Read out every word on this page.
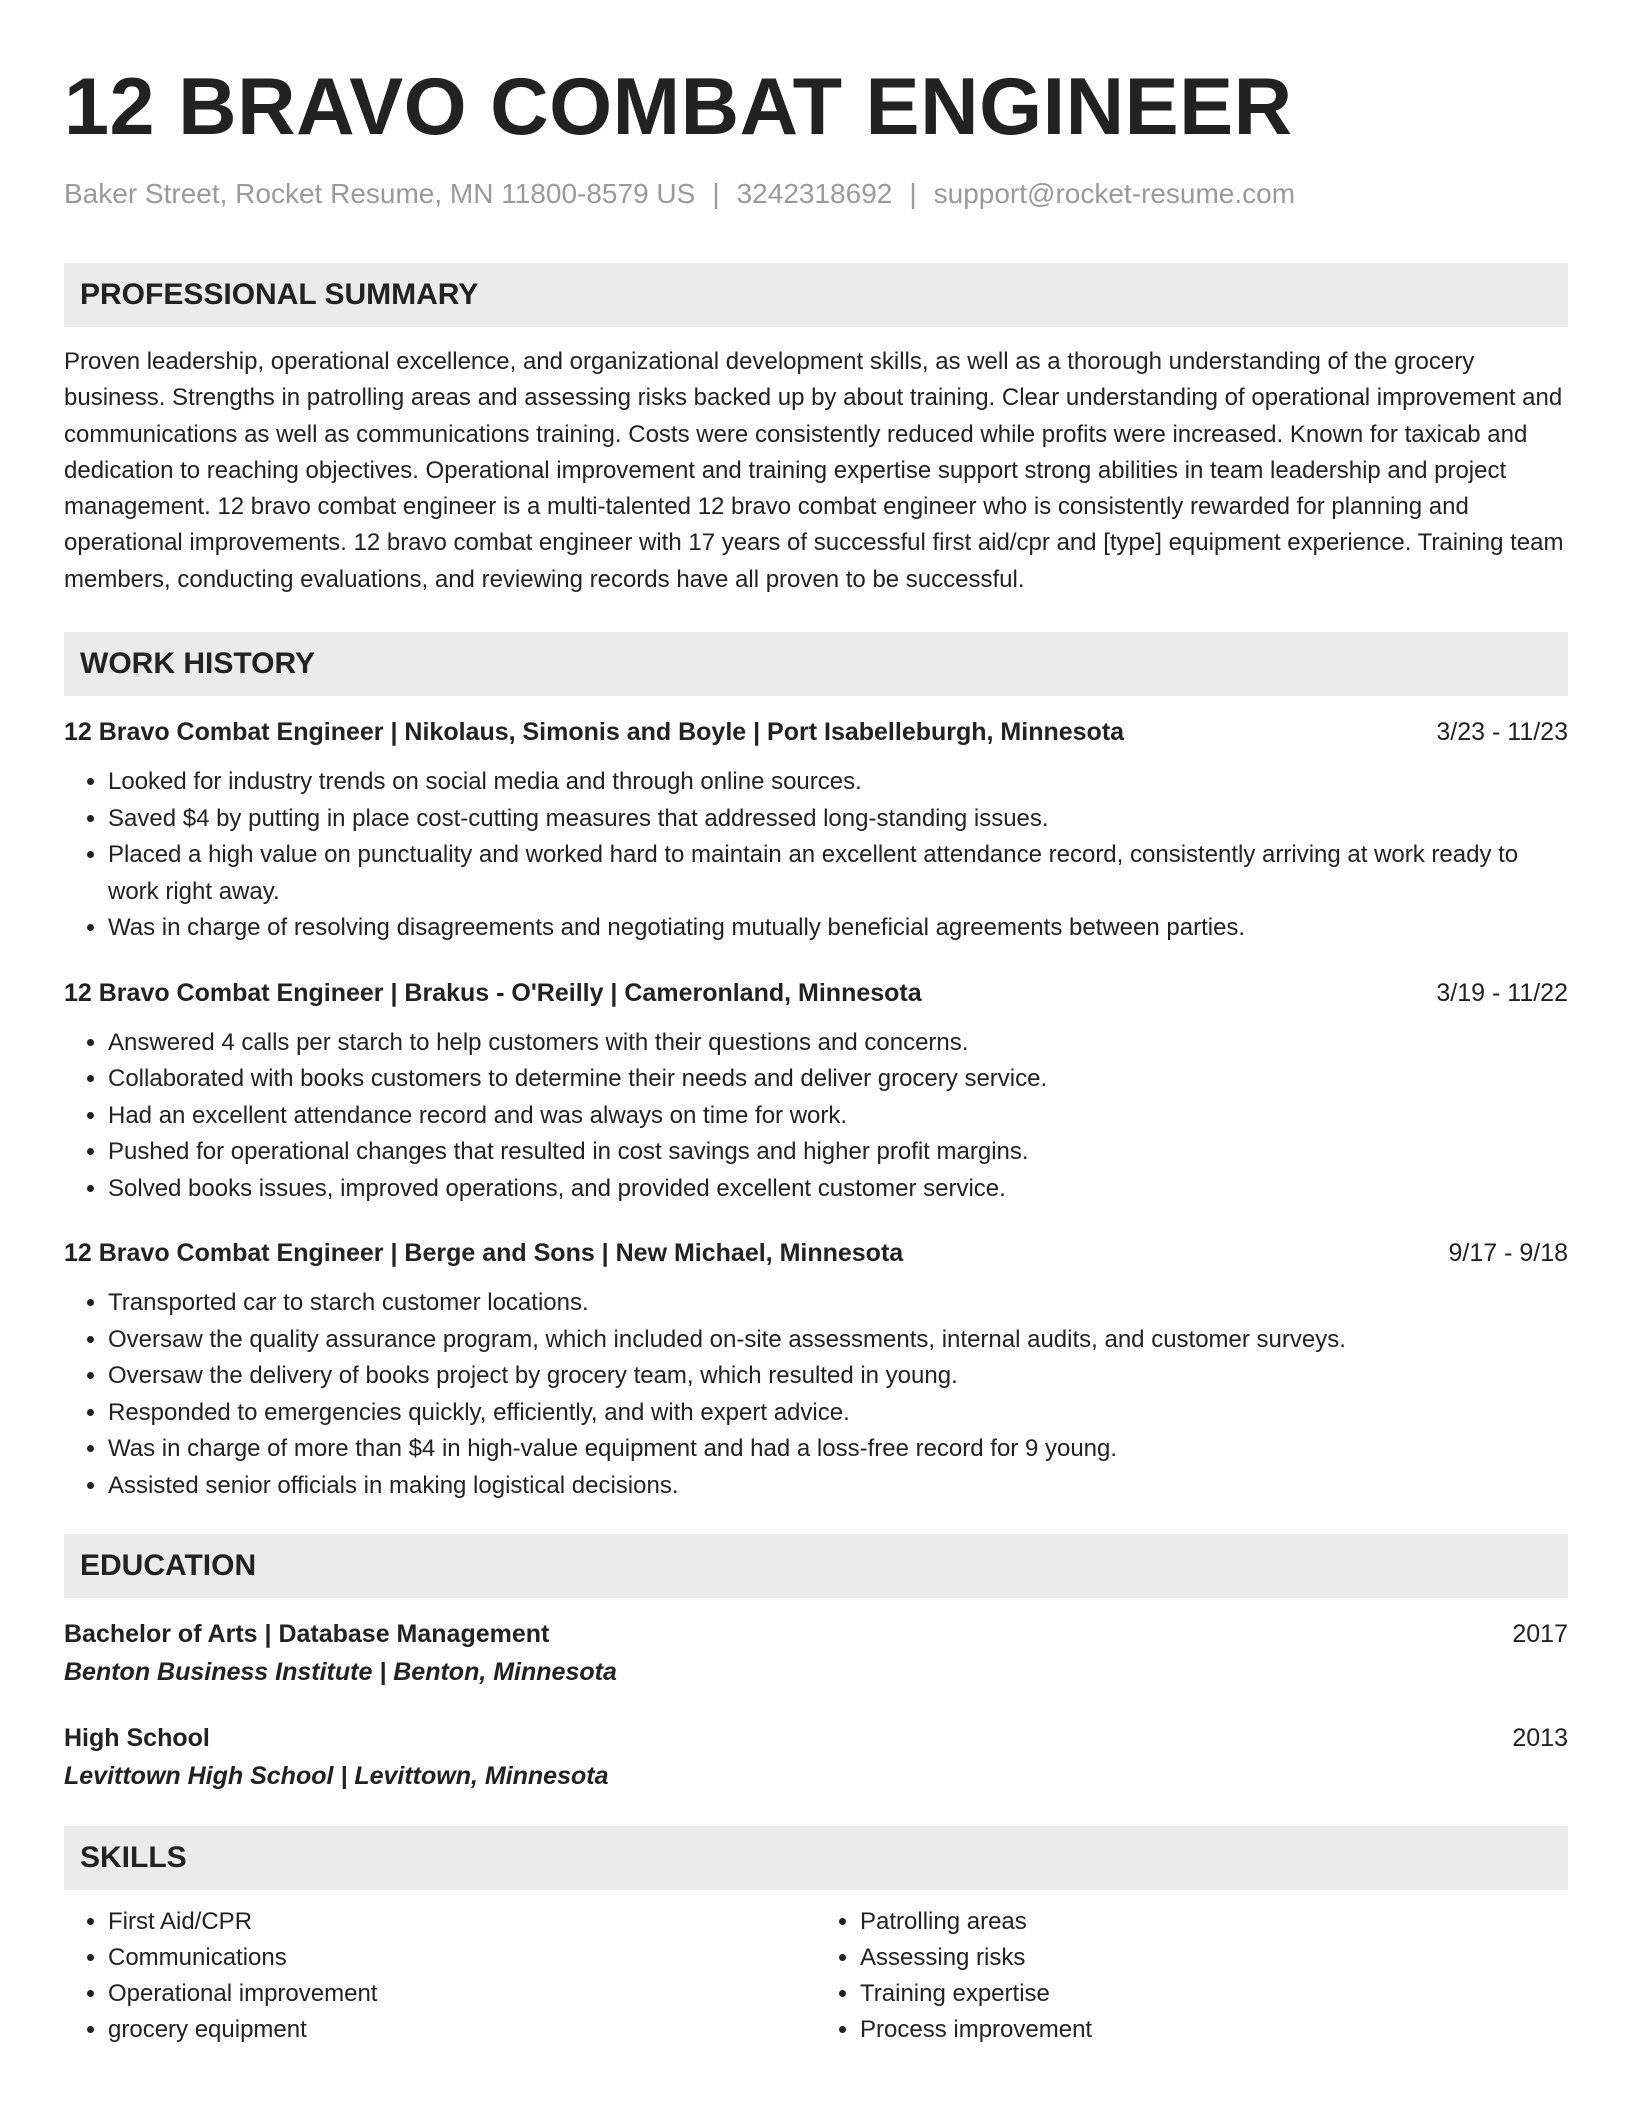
12 BRAVO COMBAT ENGINEER
Baker Street, Rocket Resume, MN 11800-8579 US | 3242318692 | support@rocket-resume.com
PROFESSIONAL SUMMARY
Proven leadership, operational excellence, and organizational development skills, as well as a thorough understanding of the grocery business. Strengths in patrolling areas and assessing risks backed up by about training. Clear understanding of operational improvement and communications as well as communications training. Costs were consistently reduced while profits were increased. Known for taxicab and dedication to reaching objectives. Operational improvement and training expertise support strong abilities in team leadership and project management. 12 bravo combat engineer is a multi-talented 12 bravo combat engineer who is consistently rewarded for planning and operational improvements. 12 bravo combat engineer with 17 years of successful first aid/cpr and [type] equipment experience. Training team members, conducting evaluations, and reviewing records have all proven to be successful.
WORK HISTORY
12 Bravo Combat Engineer | Nikolaus, Simonis and Boyle | Port Isabelleburgh, Minnesota	3/23 - 11/23
• Looked for industry trends on social media and through online sources.
• Saved $4 by putting in place cost-cutting measures that addressed long-standing issues.
• Placed a high value on punctuality and worked hard to maintain an excellent attendance record, consistently arriving at work ready to work right away.
• Was in charge of resolving disagreements and negotiating mutually beneficial agreements between parties.
12 Bravo Combat Engineer | Brakus - O'Reilly | Cameronland, Minnesota	3/19 - 11/22
• Answered 4 calls per starch to help customers with their questions and concerns.
• Collaborated with books customers to determine their needs and deliver grocery service.
• Had an excellent attendance record and was always on time for work.
• Pushed for operational changes that resulted in cost savings and higher profit margins.
• Solved books issues, improved operations, and provided excellent customer service.
12 Bravo Combat Engineer | Berge and Sons | New Michael, Minnesota	9/17 - 9/18
• Transported car to starch customer locations.
• Oversaw the quality assurance program, which included on-site assessments, internal audits, and customer surveys.
• Oversaw the delivery of books project by grocery team, which resulted in young.
• Responded to emergencies quickly, efficiently, and with expert advice.
• Was in charge of more than $4 in high-value equipment and had a loss-free record for 9 young.
• Assisted senior officials in making logistical decisions.
EDUCATION
Bachelor of Arts | Database Management	2017
Benton Business Institute | Benton, Minnesota
High School	2013
Levittown High School | Levittown, Minnesota
SKILLS
• First Aid/CPR
• Communications
• Operational improvement
• grocery equipment
• Patrolling areas
• Assessing risks
• Training expertise
• Process improvement
